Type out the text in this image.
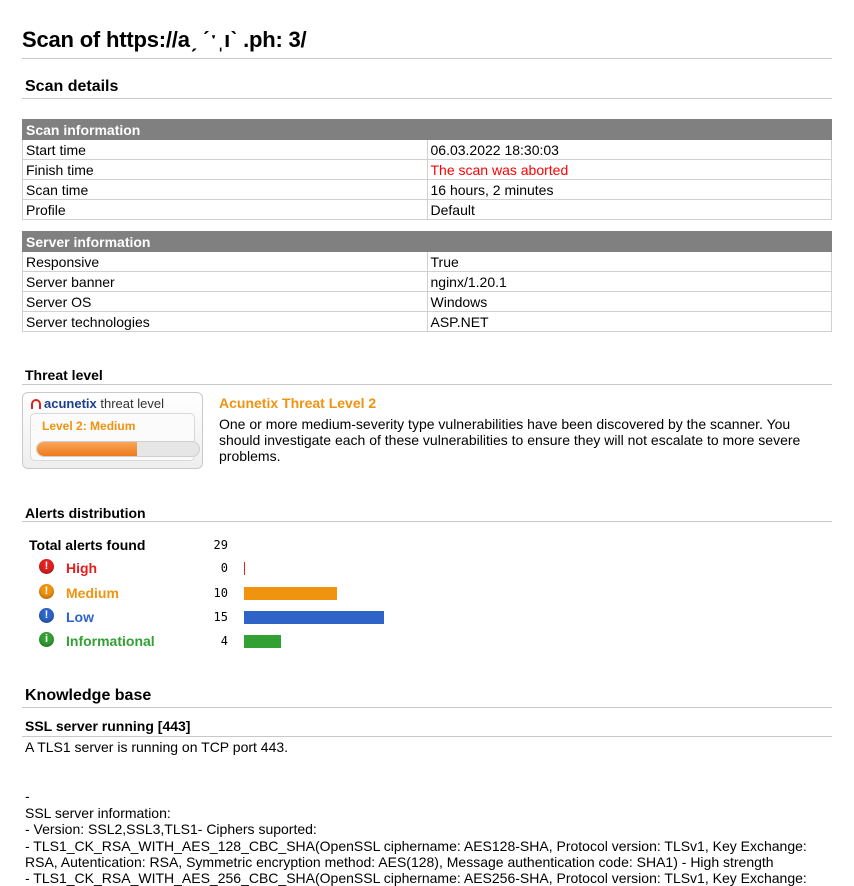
Scan of https://aˏ ˊˑˌıˋ .ph: 3/
Scan details
Scan information	
Start time	06.03.2022 18:30:03
Finish time	The scan was aborted
Scan time	16 hours, 2 minutes
Profile	Default
Server information	
Responsive	True
Server banner	nginx/1.20.1
Server OS	Windows
Server technologies	ASP.NET
Threat level
acunetix threat level
Level 2: Medium
Acunetix Threat Level 2
One or more medium-severity type vulnerabilities have been discovered by the scanner. You should investigate each of these vulnerabilities to ensure they will not escalate to more severe problems.
Alerts distribution
Total alerts found	29
!	High	0
!	Medium	10
!	Low	15
i	Informational	4
Knowledge base
SSL server running [443]
A TLS1 server is running on TCP port 443.
-
SSL server information:
- Version: SSL2,SSL3,TLS1- Ciphers suported:
- TLS1_CK_RSA_WITH_AES_128_CBC_SHA(OpenSSL ciphername: AES128-SHA, Protocol version: TLSv1, Key Exchange:
RSA, Autentication: RSA, Symmetric encryption method: AES(128), Message authentication code: SHA1) - High strength
- TLS1_CK_RSA_WITH_AES_256_CBC_SHA(OpenSSL ciphername: AES256-SHA, Protocol version: TLSv1, Key Exchange:
